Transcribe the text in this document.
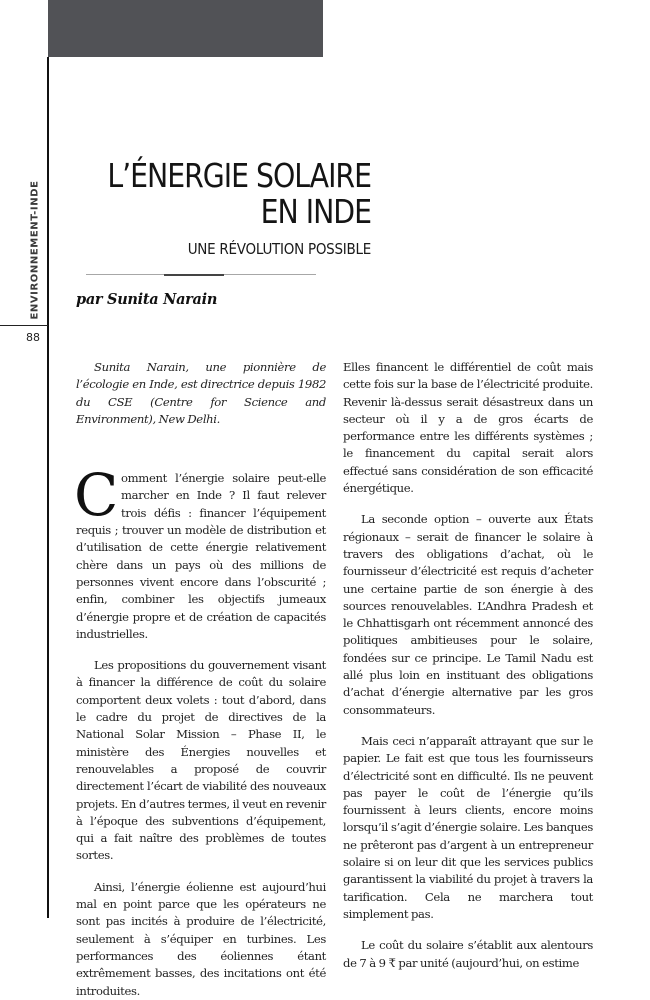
ENVIRONNEMENT-INDE
88
L’ÉNERGIE SOLAIRE
EN INDE
UNE RÉVOLUTION POSSIBLE
par Sunita Narain

Sunita Narain, une pionnière de l’écologie en Inde, est directrice depuis 1982 du CSE (Centre for Science and Environment), New Delhi.

Comment l’énergie solaire peut-elle marcher en Inde ? Il faut relever trois défis : financer l’équipement requis ; trouver un modèle de distribution et d’utilisation de cette énergie relativement chère dans un pays où des millions de personnes vivent encore dans l’obscurité ; enfin, combiner les objectifs jumeaux d’énergie propre et de création de capacités industrielles.

Les propositions du gouvernement visant à financer la différence de coût du solaire comportent deux volets : tout d’abord, dans le cadre du projet de directives de la National Solar Mission – Phase II, le ministère des Énergies nouvelles et renouvelables a proposé de couvrir directement l’écart de viabilité des nouveaux projets. En d’autres termes, il veut en revenir à l’époque des subventions d’équipement, qui a fait naître des problèmes de toutes sortes.

Ainsi, l’énergie éolienne est aujourd’hui mal en point parce que les opérateurs ne sont pas incités à produire de l’électricité, seulement à s’équiper en turbines. Les performances des éoliennes étant extrêmement basses, des incitations ont été introduites.

Elles financent le différentiel de coût mais cette fois sur la base de l’électricité produite. Revenir là-dessus serait désastreux dans un secteur où il y a de gros écarts de performance entre les différents systèmes ; le financement du capital serait alors effectué sans considération de son efficacité énergétique.

La seconde option – ouverte aux États régionaux – serait de financer le solaire à travers des obligations d’achat, où le fournisseur d’électricité est requis d’acheter une certaine partie de son énergie à des sources renouvelables. L’Andhra Pradesh et le Chhattisgarh ont récemment annoncé des politiques ambitieuses pour le solaire, fondées sur ce principe. Le Tamil Nadu est allé plus loin en instituant des obligations d’achat d’énergie alternative par les gros consommateurs.

Mais ceci n’apparaît attrayant que sur le papier. Le fait est que tous les fournisseurs d’électricité sont en difficulté. Ils ne peuvent pas payer le coût de l’énergie qu’ils fournissent à leurs clients, encore moins lorsqu’il s’agit d’énergie solaire. Les banques ne prêteront pas d’argent à un entrepreneur solaire si on leur dit que les services publics garantissent la viabilité du projet à travers la tarification. Cela ne marchera tout simplement pas.

Le coût du solaire s’établit aux alentours de 7 à 9 ₹ par unité (aujourd’hui, on estime
